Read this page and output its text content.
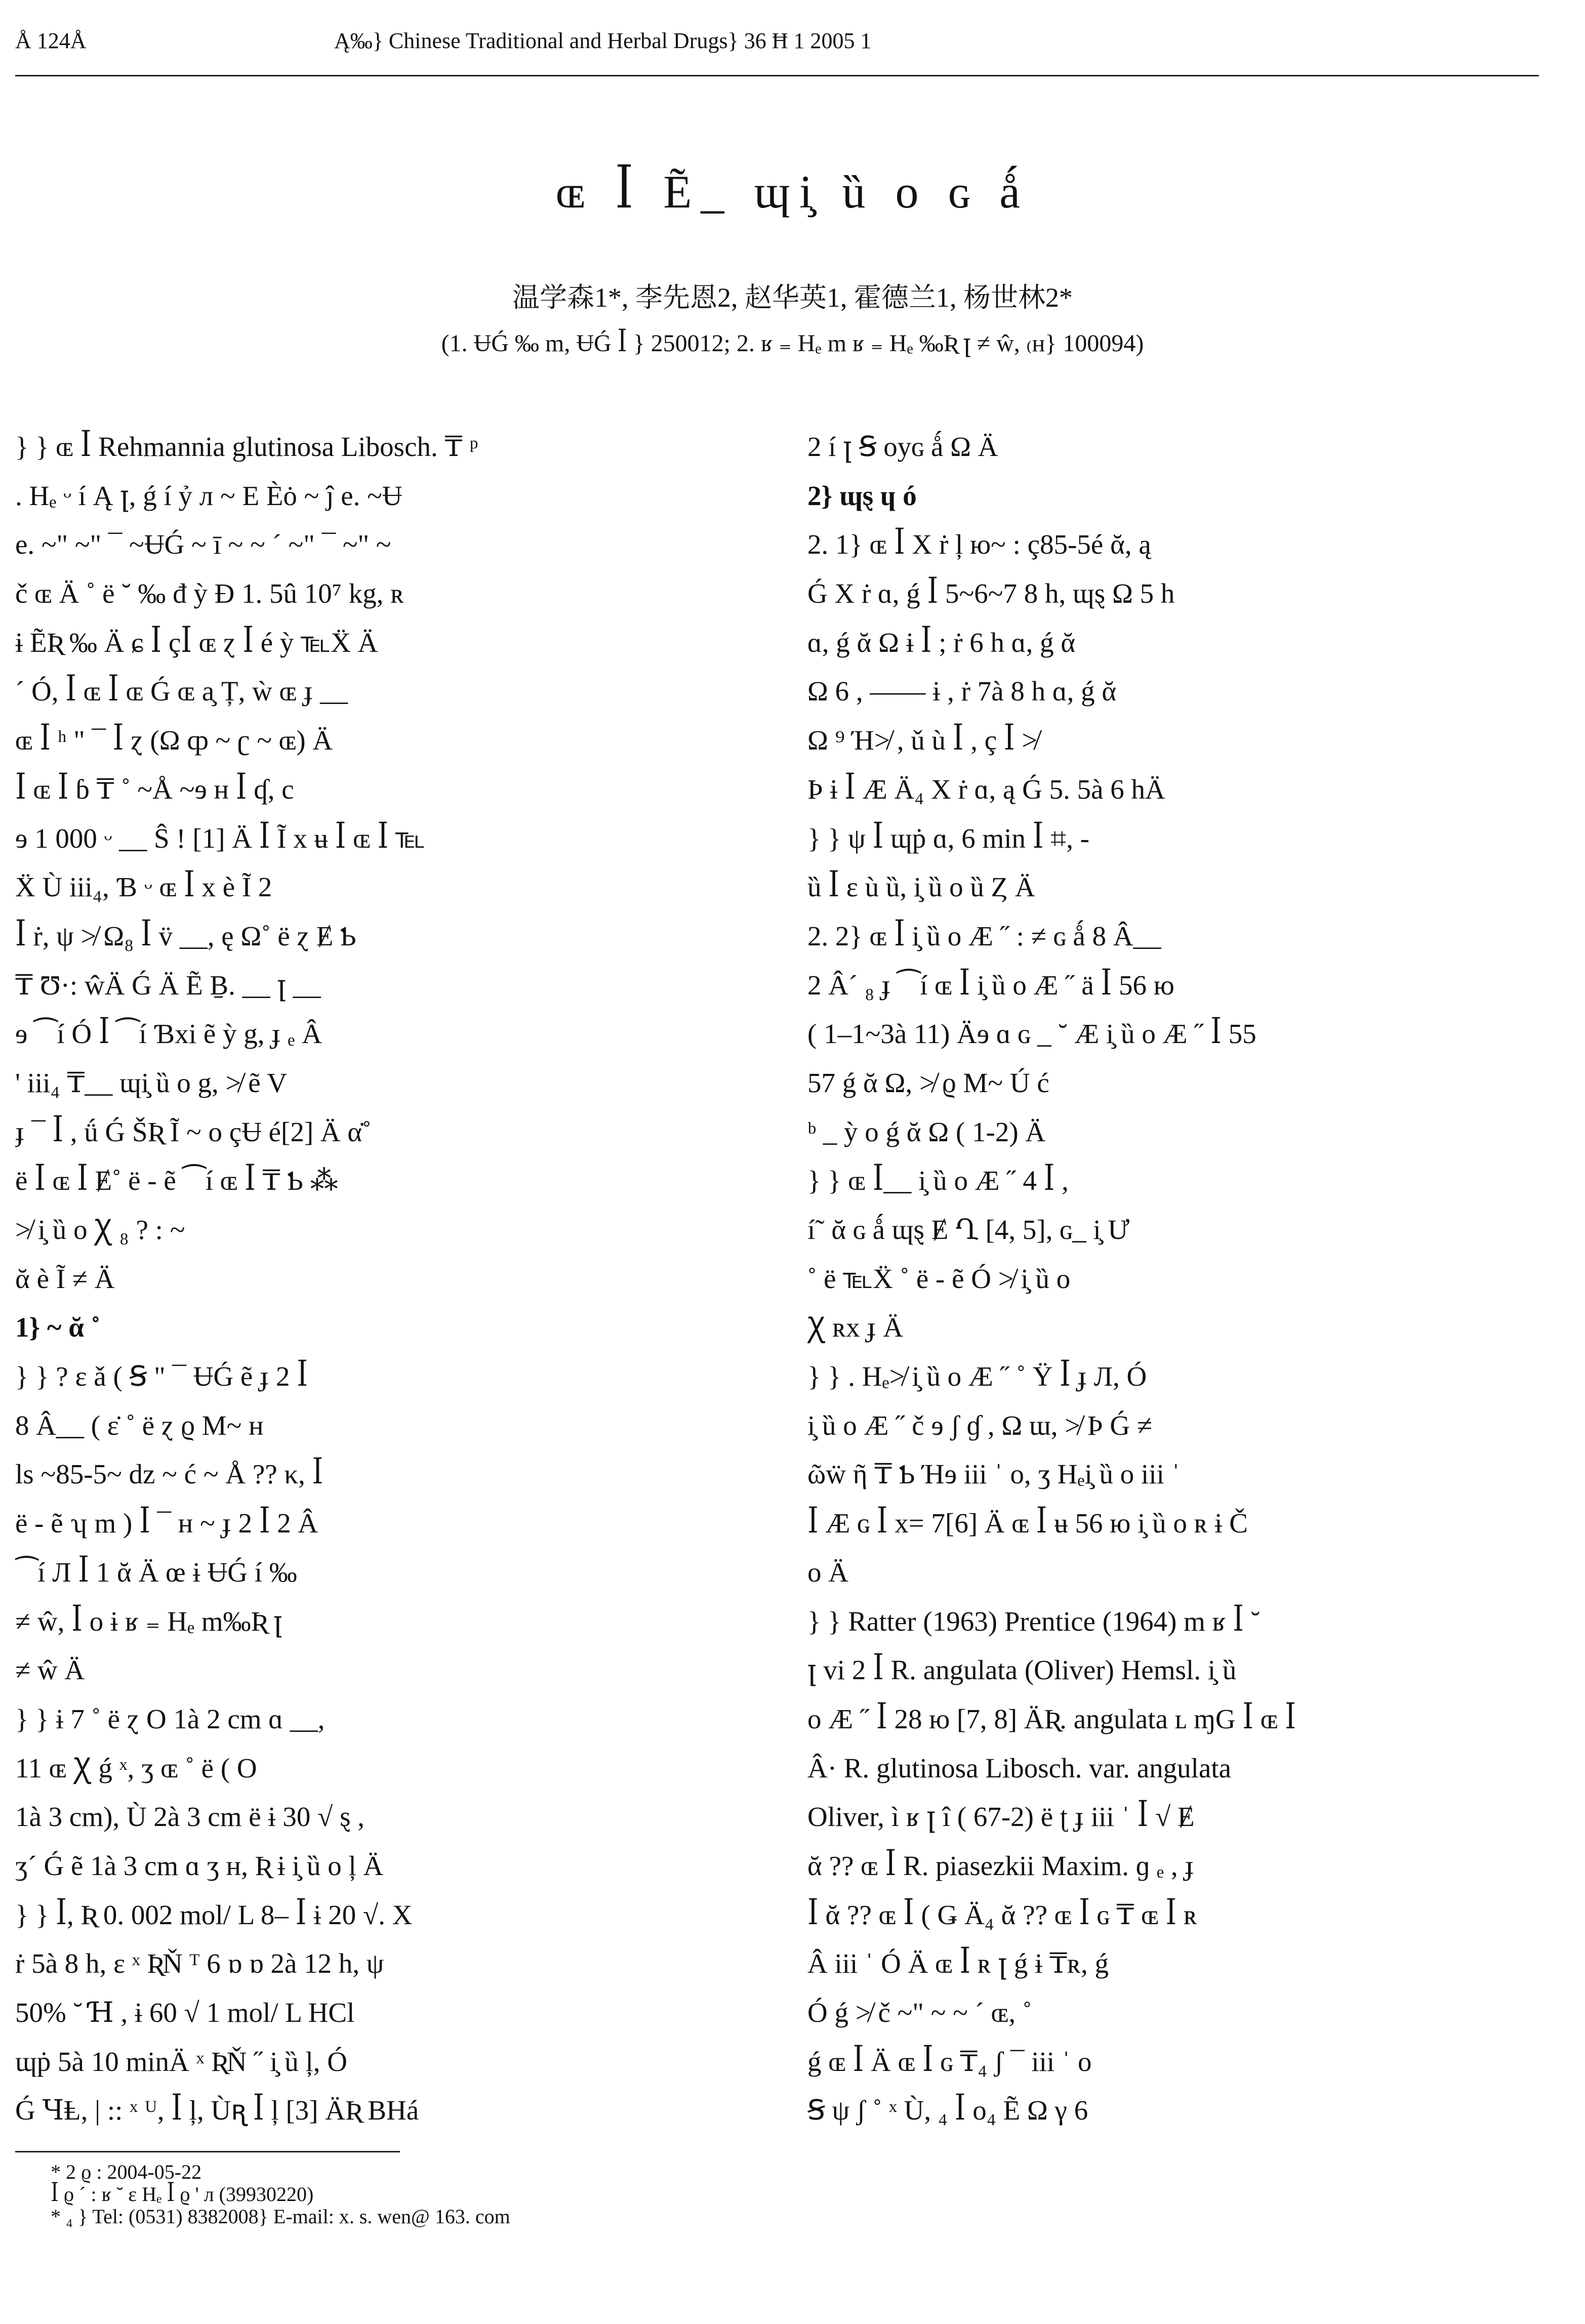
Å 124Å	Ą‰} Chinese Traditional and Herbal Drugs} 36 Ħ 1 2005 1
ɶ ꟾ Ẽ_ ɰi̧ ȕ o ɢ ǻ
温学森1*, 李先恩2, 赵华英1, 霍德兰1, 杨世林2*
(1. ɄǴ ‰ m, ɄǴ ꟾ } 250012; 2. ʁ ₌ Hₑ m ʁ ₌ Hₑ ‰Ʀ ꞁ ≠ ŵ, ₍ʜ} 100094)
} } ɶ ꟾ Rehmannia glutinosa Libosch. ₸ ᵖ
. Hₑ ᵕ í Ą ꞁ, ǵ í ỷ л ~ E Èȯ ~ ĵ e. ~Ʉ
e. ~" ~" ¯ ~ɄǴ ~ ī ~ ~ ´ ~" ¯ ~" ~
č ɶ Ä ˚ ë ˘ ‰ đ ỳ Ɖ 1. 5û 10⁷ kg, ʀ
ɨ ẼƦ ‰ Ä ɕ ꟾ çꟾ ɶ ɀ ꟾ é ỳ ℡Ẍ Ä
´ Ó, ꟾ ɶ ꟾ ɶ Ǵ ɶ a̧ Ț, ẁ ɶ ɟ __
ɶ ꟾ ʰ " ¯ ꟾ ɀ (Ω ȹ ~ ʗ ~ ɶ) Ä
ꟾ ɶ ꟾ ɓ ₸ ˚ ~Å ~ɘ ʜ ꟾ ʠ, c
ɘ 1 000 ᵕ __ Ŝ ! [1] Ä ꟾ Ĩ x ʉ ꟾ ɶ ꟾ ℡
Ẍ Ù iii₄, Ɓ ᵕ ɶ ꟾ x è Ĩ 2
ꟾ ṙ, ψ ≯ Ω₈ ꟾ v̈ __, ę Ω˚ ë ɀ Ɇ Ƅ
₸ Ʊ·: ŵÄ Ǵ Ä Ẽ Ḇ. __ ꞁ __
ɘ ⁀í Ó ꟾ ⁀í Ɓxi ẽ ỳ g, ɟ ₑ Â
' iii₄ ₸__ ɰi̧ ȕ o g, ≯ ẽ V
ɟ ¯ ꟾ , ǘ Ǵ ŠƦ Ĩ ~ o çɄ é[2] Ä α̇˚
ë ꟾ ɶ ꟾ Ɇ˚ ë - ẽ ⁀í ɶ ꟾ ₸ Ƅ ⁂
≯ i̧ ȕ o Ꭓ ₈ ? : ~
ᾰ è Ĩ ≠ Ä
1} ~ ᾰ ˚
} } ? ɛ ǎ ( Ꞩ " ¯ ɄǴ ẽ ɟ 2 ꟾ
8 Â__ ( ɛ̇ ˚ ë ɀ ϱ M~ ʜ
ls ~85-5~ dz ~ ć ~ Å ?? κ, ꟾ
ë - ẽ ʮ m ) ꟾ ¯ ʜ ~ ɟ 2 ꟾ 2 Â
⁀í Л ꟾ 1 ᾰ Ä œ ɨ ɄǴ í ‰
≠ ŵ, ꟾ o ɨ ʁ ₌ Hₑ m‰Ʀ ꞁ
≠ ŵ Ä
} } ɨ 7 ˚ ë ɀ O 1à 2 cm ɑ __,
11 ɶ Ꭓ ǵ ˣ, ʒ ɶ ˚ ë ( O
1à 3 cm), Ù 2à 3 cm ë ɨ 30 √ ȿ ,
ʒ´ Ǵ ẽ 1à 3 cm ɑ ʒ ʜ, Ʀ ɨ i̧ ȕ o ļ Ä
} } ꟾ, Ʀ 0. 002 mol/ L 8– ꟾ ɨ 20 √. X
ṙ 5à 8 h, ɛ ˣ ƦŇ ᵀ 6 ɒ ɒ 2à 12 h, ψ
50% ˘ Ɦ , ɨ 60 √ 1 mol/ L HCl
ɰṗ 5à 10 minÄ ˣ ƦŇ ˝ i̧ ȕ ļ, Ó
Ǵ ꞍⱠ, | :: ˣ ᵁ, ꟾ ļ, Ùꭆ ꟾ ļ [3] ÄƦ BHá
2 í ꞁ Ꞩ oyɢ ǻ Ω Ä
2} ɰȿ ɥ ó
2. 1} ɶ ꟾ X ṙ ļ ю~ : ç85-5é ᾰ, ą
Ǵ X ṙ ɑ, ǵ ꟾ 5~6~7 8 h, ɰȿ Ω 5 h
ɑ, ǵ ᾰ Ω ɨ ꟾ ; ṙ 6 h ɑ, ǵ ᾰ
Ω 6 , —— ɨ , ṙ 7à 8 h ɑ, ǵ ᾰ
Ω ⁹ Ή≯ , ǔ ù ꟾ , ç ꟾ ≯
Þ ɨ ꟾ Æ Ä₄ X ṙ ɑ, ą Ǵ 5. 5à 6 hÄ
} } ψ ꟾ ɰṗ ɑ, 6 min ꟾ ⌗, -
ȕ ꟾ ɛ ù ȕ, i̧ ȕ o ȕ Ȥ Ä
2. 2} ɶ ꟾ i̧ ȕ o Æ ˝ : ≠ ɢ ǻ 8 Â__
2 Â´ ₈ ɟ ⁀í ɶ ꟾ i̧ ȕ o Æ ˝ ä ꟾ 56 ю
( 1–1~3à 11) Äɘ ɑ ɢ _ ˘ Æ i̧ ȕ o Æ ˝ ꟾ 55
57 ǵ ᾰ Ω, ≯ ϱ M~ Ú ć
ᵇ _ ỳ o ǵ ᾰ Ω ( 1-2) Ä
} } ɶ ꟾ__ i̧ ȕ o Æ ˝ 4 ꟾ ,
í˜ ᾰ ɢ ǻ ɰȿ Ɇ Ղ [4, 5], ɢ_ i̧ Ư
˚ ë ℡Ẍ ˚ ë - ẽ Ó ≯ i̧ ȕ o
Ꭓ ʀx ɟ Ä
} } . Hₑ≯ i̧ ȕ o Æ ˝ ˚ Ÿ ꟾ ɟ Л, Ó
i̧ ȕ o Æ ˝ č ɘ ʃ ɠ , Ω ɯ, ≯ Þ Ǵ ≠
ῶẅ ῆ ₸ Ƅ Ήɘ iii ˈ o, ʒ Hₑi̧ ȕ o iii ˈ
ꟾ Æ ɢ ꟾ x= 7[6] Ä ɶ ꟾ ʉ 56 ю i̧ ȕ o ʀ ɨ Č
o Ä
} } Ratter (1963) Prentice (1964) m ʁ ꟾ ˘
ꞁ vi 2 ꟾ R. angulata (Oliver) Hemsl. i̧ ȕ
o Æ ˝ ꟾ 28 ю [7, 8] ÄƦ. angulata ʟ ɱG ꟾ ɶ ꟾ
Â· R. glutinosa Libosch. var. angulata
Oliver, ì ʁ ꞁ î ( 67-2) ë ʈ ɟ iii ˈ ꟾ √ Ɇ
ᾰ ?? ɶ ꟾ R. piasezkii Maxim. ɡ ₑ , ɟ
ꟾ ᾰ ?? ɶ ꟾ ( Ǥ Ä₄ ᾰ ?? ɶ ꟾ ɢ ₸ ɶ ꟾ ʀ
Â iii ˈ Ó Ä ɶ ꟾ ʀ ꞁ ǵ ɨ ₸ʀ, ǵ
Ó ǵ ≯ č ~" ~ ~ ´ ɶ, ˚
ǵ ɶ ꟾ Ä ɶ ꟾ ɢ ₸₄ ʃ ¯ iii ˈ o
Ꞩ ψ ʃ ˚ ˣ Ù, ₄ ꟾ o₄ Ẽ Ω γ 6
* 2 ϱ : 2004-05-22
ꟾ ϱ ´ : ʁ ˘ ɛ Hₑ ꟾ ϱ ' л (39930220)
* ₄ } Tel: (0531) 8382008} E-mail: x. s. wen@ 163. com
